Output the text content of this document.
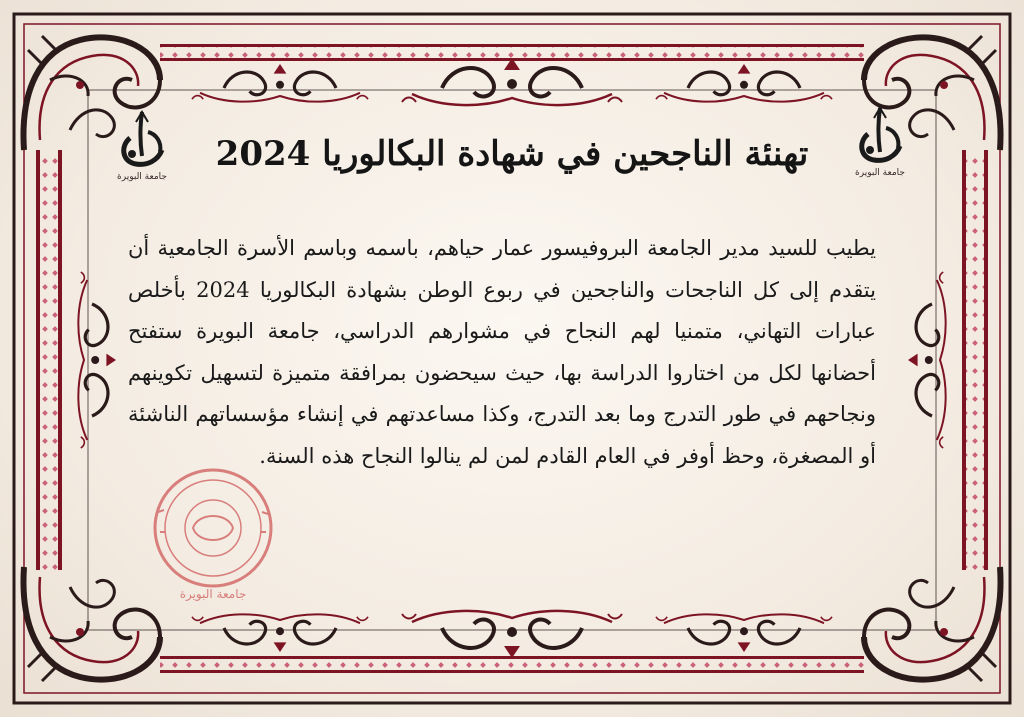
جامعة البويرة	جامعة البويرة
تهنئة الناجحين في شهادة البكالوريا 2024

يطيب للسيد مدير الجامعة البروفيسور عمار حياهم، باسمه وباسم الأسرة الجامعية أن يتقدم إلى كل الناجحات والناجحين في ربوع الوطن بشهادة البكالوريا 2024 بأخلص عبارات التهاني، متمنيا لهم النجاح في مشوارهم الدراسي، جامعة البويرة ستفتح أحضانها لكل من اختاروا الدراسة بها، حيث سيحضون بمرافقة متميزة لتسهيل تكوينهم ونجاحهم في طور التدرج وما بعد التدرج، وكذا مساعدتهم في إنشاء مؤسساتهم الناشئة أو المصغرة، وحظ أوفر في العام القادم لمن لم ينالوا النجاح هذه السنة.

جامعة البويرة
